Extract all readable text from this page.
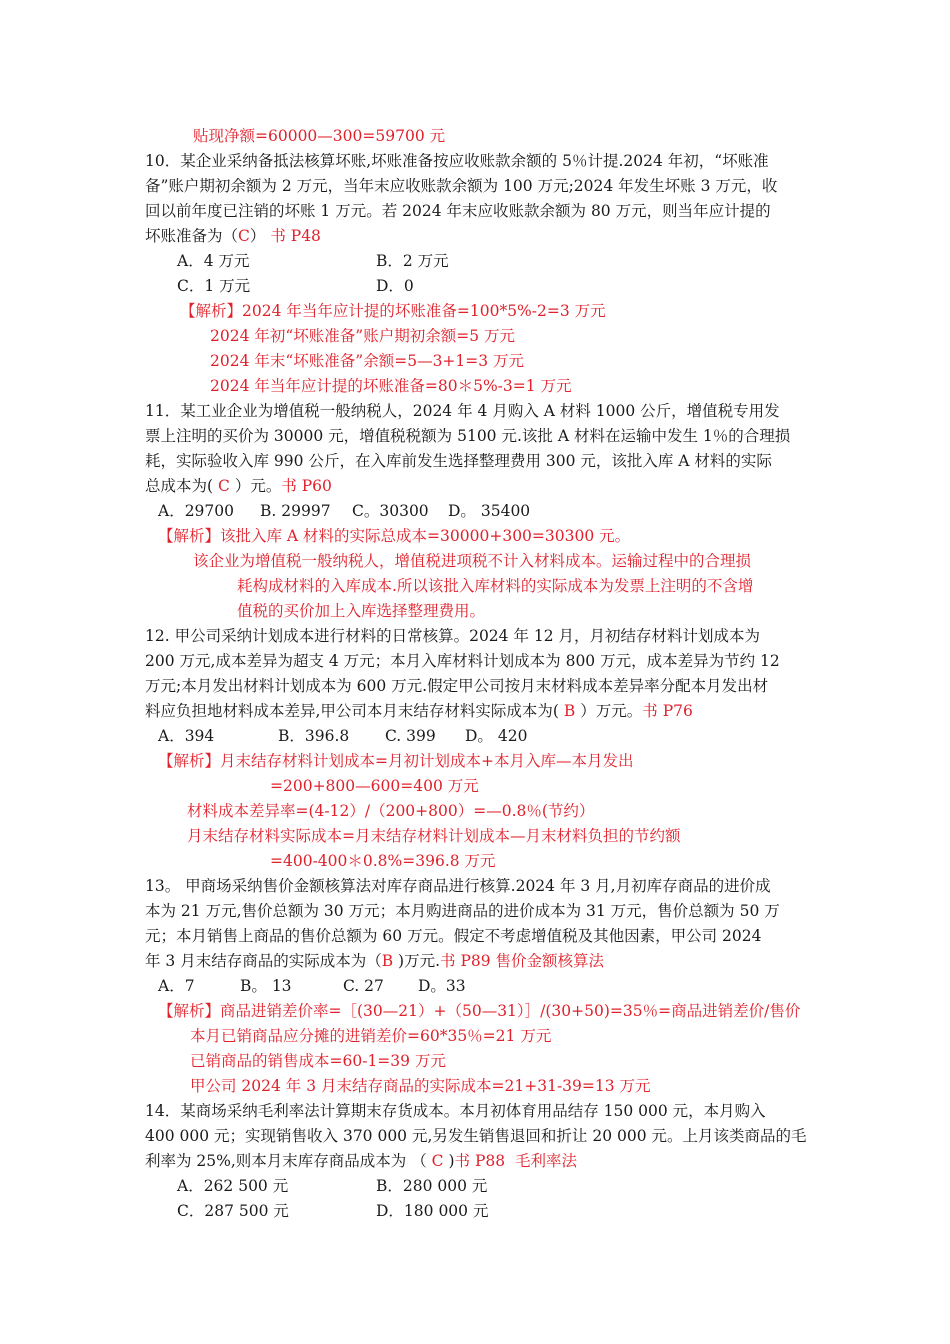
贴现净额=60000—300=59700 元
10．某企业采纳备抵法核算坏账,坏账准备按应收账款余额的 5％计提.2024 年初，“坏账准
备”账户期初余额为 2 万元，当年末应收账款余额为 100 万元;2024 年发生坏账 3 万元，收
回以前年度已注销的坏账 1 万元。若 2024 年末应收账款余额为 80 万元，则当年应计提的
坏账准备为（C） 书 P48
A．4 万元	B．2 万元
C．1 万元	D．0
【解析】2024 年当年应计提的坏账准备=100*5%-2=3 万元
2024 年初“坏账准备”账户期初余额=5 万元
2024 年末“坏账准备”余额=5—3+1=3 万元
2024 年当年应计提的坏账准备=80＊5%-3=1 万元
11．某工业企业为增值税一般纳税人，2024 年 4 月购入 A 材料 1000 公斤，增值税专用发
票上注明的买价为 30000 元，增值税税额为 5100 元.该批 A 材料在运输中发生 1％的合理损
耗，实际验收入库 990 公斤，在入库前发生选择整理费用 300 元，该批入库 A 材料的实际
总成本为( C ）元。书 P60
A．29700 B. 29997 C。30300 D。 35400
【解析】该批入库 A 材料的实际总成本=30000+300=30300 元。
该企业为增值税一般纳税人，增值税进项税不计入材料成本。运输过程中的合理损
耗构成材料的入库成本.所以该批入库材料的实际成本为发票上注明的不含增
值税的买价加上入库选择整理费用。
12. 甲公司采纳计划成本进行材料的日常核算。2024 年 12 月，月初结存材料计划成本为
200 万元,成本差异为超支 4 万元；本月入库材料计划成本为 800 万元，成本差异为节约 12
万元;本月发出材料计划成本为 600 万元.假定甲公司按月末材料成本差异率分配本月发出材
料应负担地材料成本差异,甲公司本月末结存材料实际成本为( B ）万元。书 P76
A．394	B．396.8 C. 399 D。 420
【解析】月末结存材料计划成本=月初计划成本+本月入库—本月发出
=200+800—600=400 万元
材料成本差异率=(4-12）/（200+800）=—0.8％(节约）
月末结存材料实际成本=月末结存材料计划成本—月末材料负担的节约额
=400-400＊0.8%=396.8 万元
13。 甲商场采纳售价金额核算法对库存商品进行核算.2024 年 3 月,月初库存商品的进价成
本为 21 万元,售价总额为 30 万元；本月购进商品的进价成本为 31 万元，售价总额为 50 万
元；本月销售上商品的售价总额为 60 万元。假定不考虑增值税及其他因素，甲公司 2024
年 3 月末结存商品的实际成本为（B )万元.书 P89 售价金额核算法
A．7	B。 13	C. 27 D。33
【解析】商品进销差价率=［(30—21）+（50—31）］/(30+50)=35％=商品进销差价/售价
本月已销商品应分摊的进销差价=60*35％=21 万元
已销商品的销售成本=60-1=39 万元
甲公司 2024 年 3 月末结存商品的实际成本=21+31-39=13 万元
14．某商场采纳毛利率法计算期末存货成本。本月初体育用品结存 150 000 元，本月购入
400 000 元；实现销售收入 370 000 元,另发生销售退回和折让 20 000 元。上月该类商品的毛
利率为 25%,则本月末库存商品成本为 （ C )书 P88  毛利率法
A．262 500 元	B．280 000 元
C．287 500 元	D．180 000 元
